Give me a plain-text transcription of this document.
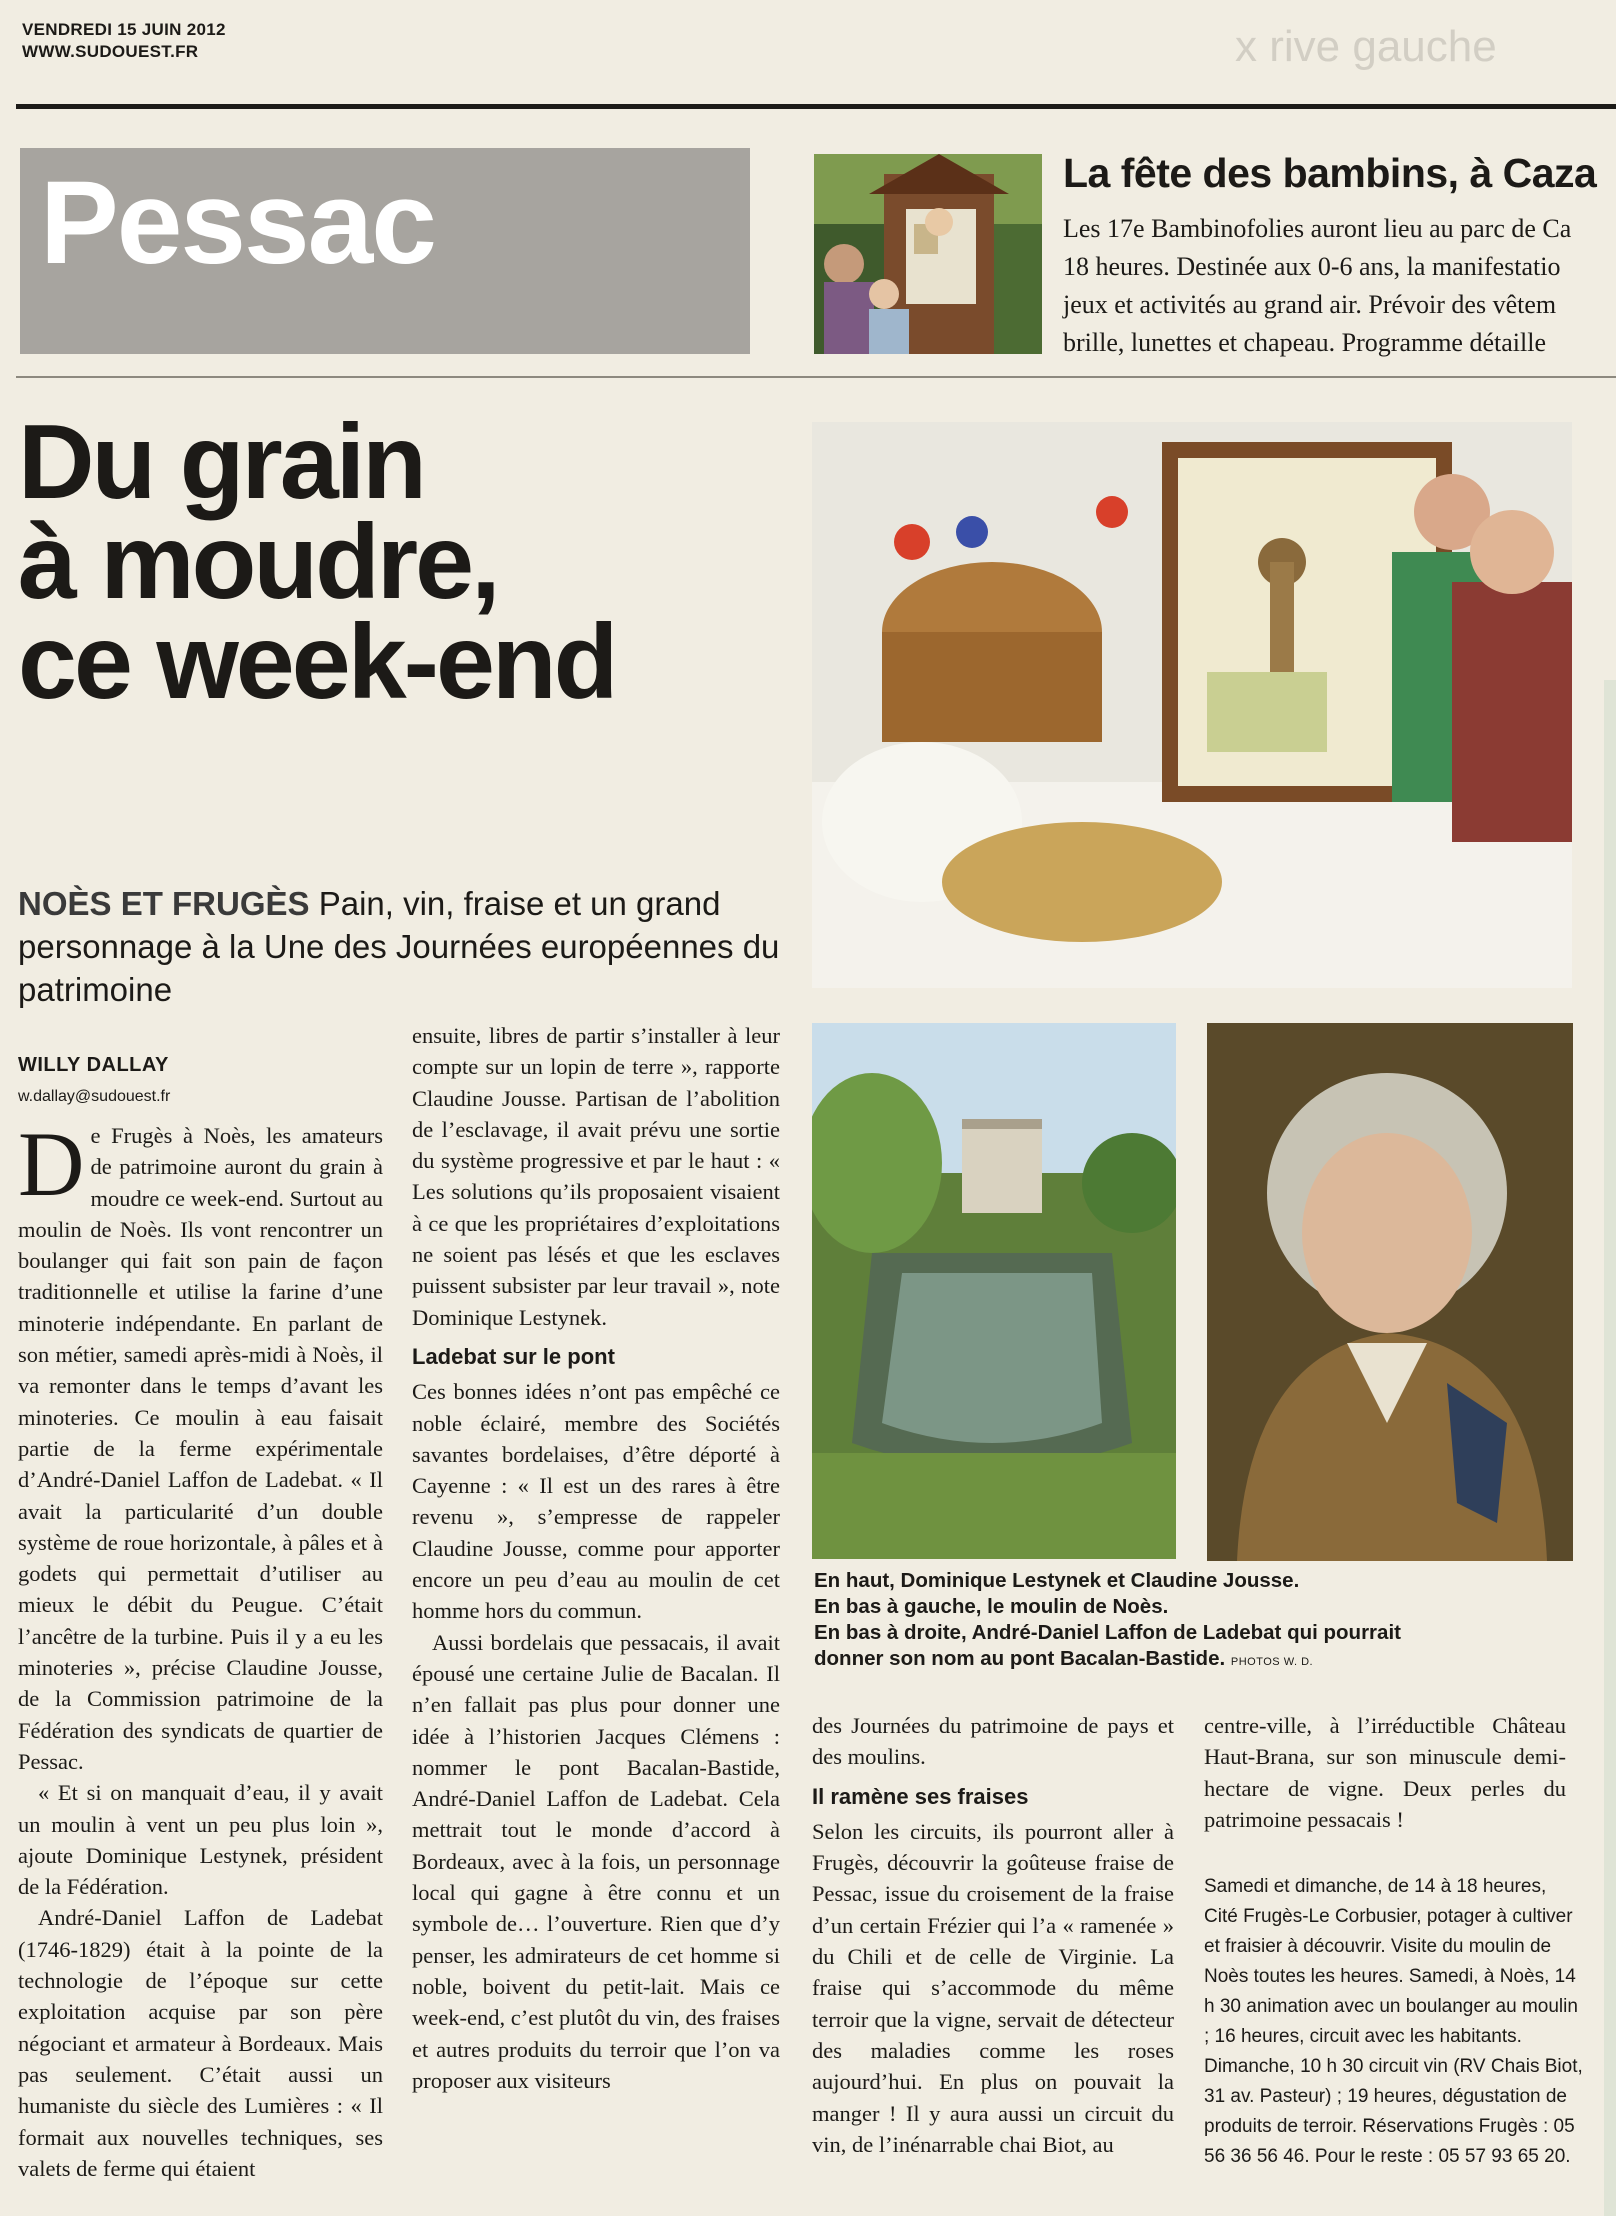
VENDREDI 15 JUIN 2012
WWW.SUDOUEST.FR	x rive gauche
Pessac	La fête des bambins, à Caza
Les 17e Bambinofolies auront lieu au parc de Ca
18 heures. Destinée aux 0-6 ans, la manifestatio
jeux et activités au grand air. Prévoir des vêtem
brille, lunettes et chapeau. Programme détaille
Du grain
à moudre,
ce week-end
NOÈS ET FRUGÈS Pain, vin, fraise et un grand personnage à la Une des Journées européennes du patrimoine
WILLY DALLAY
w.dallay@sudouest.fr

De Frugès à Noès, les amateurs de patrimoine auront du grain à moudre ce week-end. Surtout au moulin de Noès. Ils vont rencontrer un boulanger qui fait son pain de façon traditionnelle et utilise la farine d’une minoterie indépendante. En parlant de son métier, samedi après-midi à Noès, il va remonter dans le temps d’avant les minoteries. Ce moulin à eau faisait partie de la ferme expérimentale d’André-Daniel Laffon de Ladebat. « Il avait la particularité d’un double système de roue horizontale, à pâles et à godets qui permettait d’utiliser au mieux le débit du Peugue. C’était l’ancêtre de la turbine. Puis il y a eu les minoteries », précise Claudine Jousse, de la Commission patrimoine de la Fédération des syndicats de quartier de Pessac.

« Et si on manquait d’eau, il y avait un moulin à vent un peu plus loin », ajoute Dominique Lestynek, président de la Fédération.

André-Daniel Laffon de Ladebat (1746-1829) était à la pointe de la technologie de l’époque sur cette exploitation acquise par son père négociant et armateur à Bordeaux. Mais pas seulement. C’était aussi un humaniste du siècle des Lumières : « Il formait aux nouvelles techniques, ses valets de ferme qui étaient

ensuite, libres de partir s’installer à leur compte sur un lopin de terre », rapporte Claudine Jousse. Partisan de l’abolition de l’esclavage, il avait prévu une sortie du système progressive et par le haut : « Les solutions qu’ils proposaient visaient à ce que les propriétaires d’exploitations ne soient pas lésés et que les esclaves puissent subsister par leur travail », note Dominique Lestynek.

Ladebat sur le pont

Ces bonnes idées n’ont pas empêché ce noble éclairé, membre des Sociétés savantes bordelaises, d’être déporté à Cayenne : « Il est un des rares à être revenu », s’empresse de rappeler Claudine Jousse, comme pour apporter encore un peu d’eau au moulin de cet homme hors du commun.

Aussi bordelais que pessacais, il avait épousé une certaine Julie de Bacalan. Il n’en fallait pas plus pour donner une idée à l’historien Jacques Clémens : nommer le pont Bacalan-Bastide, André-Daniel Laffon de Ladebat. Cela mettrait tout le monde d’accord à Bordeaux, avec à la fois, un personnage local qui gagne à être connu et un symbole de… l’ouverture. Rien que d’y penser, les admirateurs de cet homme si noble, boivent du petit-lait. Mais ce week-end, c’est plutôt du vin, des fraises et autres produits du terroir que l’on va proposer aux visiteurs

des Journées du patrimoine de pays et des moulins.

Il ramène ses fraises

Selon les circuits, ils pourront aller à Frugès, découvrir la goûteuse fraise de Pessac, issue du croisement de la fraise d’un certain Frézier qui l’a « ramenée » du Chili et de celle de Virginie. La fraise qui s’accommode du même terroir que la vigne, servait de détecteur des maladies comme les roses aujourd’hui. En plus on pouvait la manger ! Il y aura aussi un circuit du vin, de l’inénarrable chai Biot, au

centre-ville, à l’irréductible Château Haut-Brana, sur son minuscule demi-hectare de vigne. Deux perles du patrimoine pessacais !

Samedi et dimanche, de 14 à 18 heures, Cité Frugès-Le Corbusier, potager à cultiver et fraisier à découvrir. Visite du moulin de Noès toutes les heures. Samedi, à Noès, 14 h 30 animation avec un boulanger au moulin ; 16 heures, circuit avec les habitants. Dimanche, 10 h 30 circuit vin (RV Chais Biot, 31 av. Pasteur) ; 19 heures, dégustation de produits de terroir. Réservations Frugès : 05 56 36 56 46. Pour le reste : 05 57 93 65 20.
En haut, Dominique Lestynek et Claudine Jousse.
En bas à gauche, le moulin de Noès.
En bas à droite, André-Daniel Laffon de Ladebat qui pourrait
donner son nom au pont Bacalan-Bastide. PHOTOS W. D.
